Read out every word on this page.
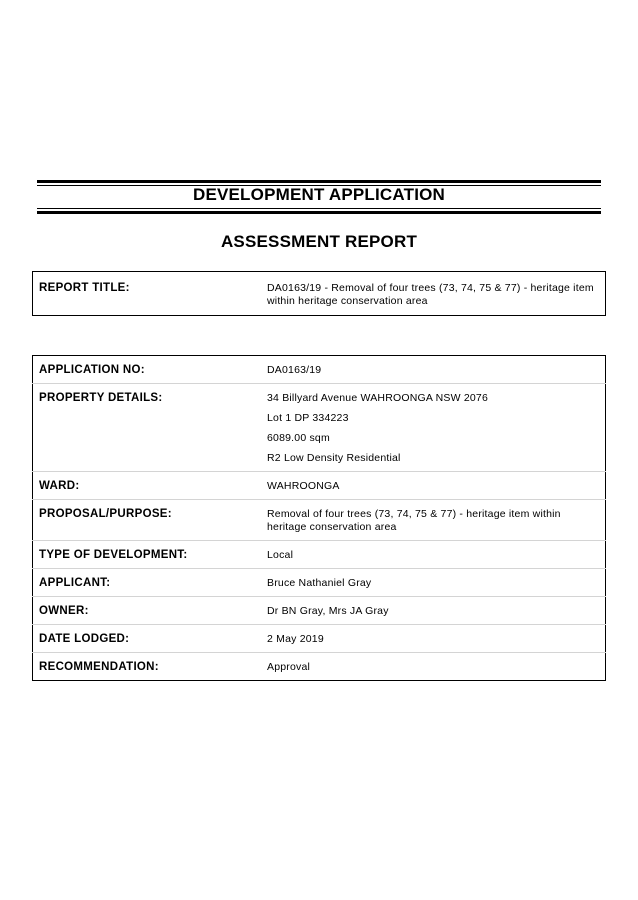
DEVELOPMENT APPLICATION
ASSESSMENT REPORT
REPORT TITLE:	DA0163/19 - Removal of four trees (73, 74, 75 & 77) - heritage item within heritage conservation area
APPLICATION NO:	DA0163/19
PROPERTY DETAILS:	34 Billyard Avenue WAHROONGA NSW 2076
Lot 1 DP 334223
6089.00 sqm
R2 Low Density Residential

WARD:	WAHROONGA
PROPOSAL/PURPOSE:	Removal of four trees (73, 74, 75 & 77) - heritage item within heritage conservation area
TYPE OF DEVELOPMENT:	Local
APPLICANT:	Bruce Nathaniel Gray
OWNER:	Dr BN Gray, Mrs JA Gray
DATE LODGED:	2 May 2019
RECOMMENDATION:	Approval
